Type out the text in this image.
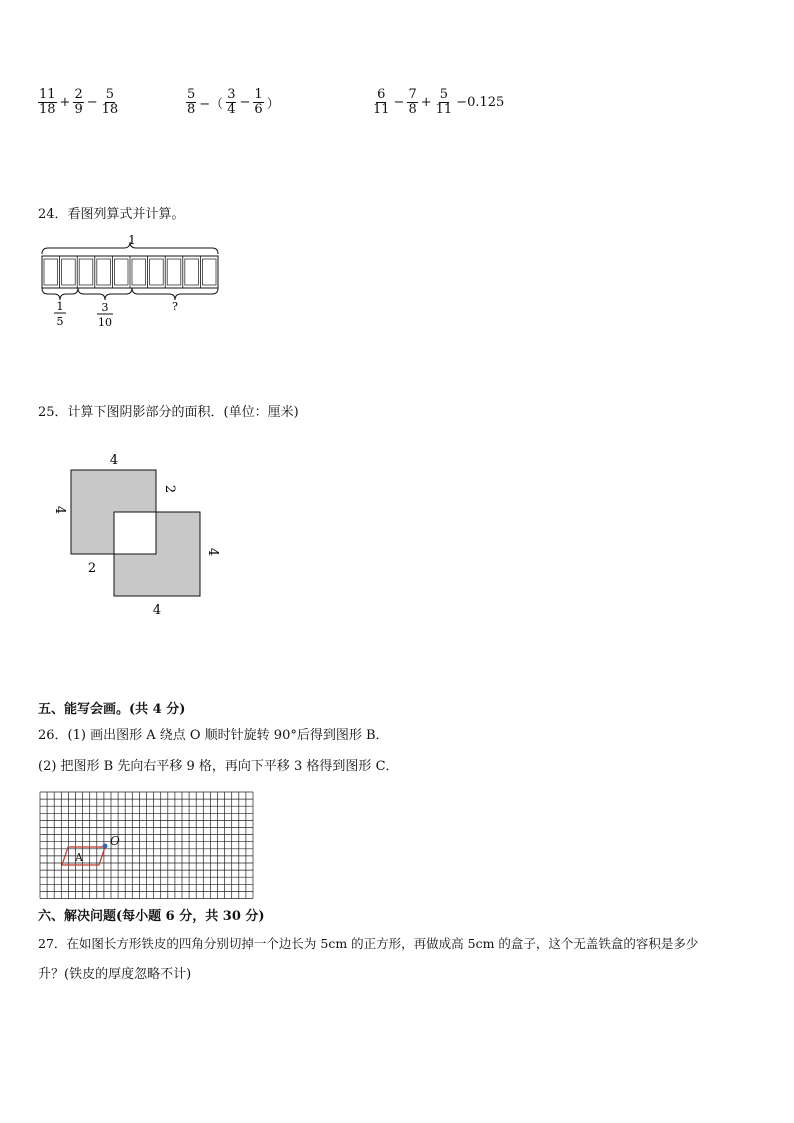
$\frac{11}{18} + \frac{2}{9} - \frac{5}{18}$	$\frac{5}{8}$ −（ $\frac{3}{4} - \frac{1}{6}$ ）	$\frac{6}{11} - \frac{7}{8} + \frac{5}{11} -0.125$
24．看图列算式并计算。
1
1
5
3
10
?
25．计算下图阴影部分的面积．(单位：厘米)
4
4
2
2
4
4
五、能写会画。(共 4 分)
26．(1) 画出图形 A 绕点 O 顺时针旋转 90°后得到图形 B．
(2) 把图形 B 先向右平移 9 格，再向下平移 3 格得到图形 C．
A
O
六、解决问题(每小题 6 分，共 30 分)
27．在如图长方形铁皮的四角分别切掉一个边长为 5cm 的正方形，再做成高 5cm 的盒子，这个无盖铁盒的容积是多少
升？(铁皮的厚度忽略不计)
